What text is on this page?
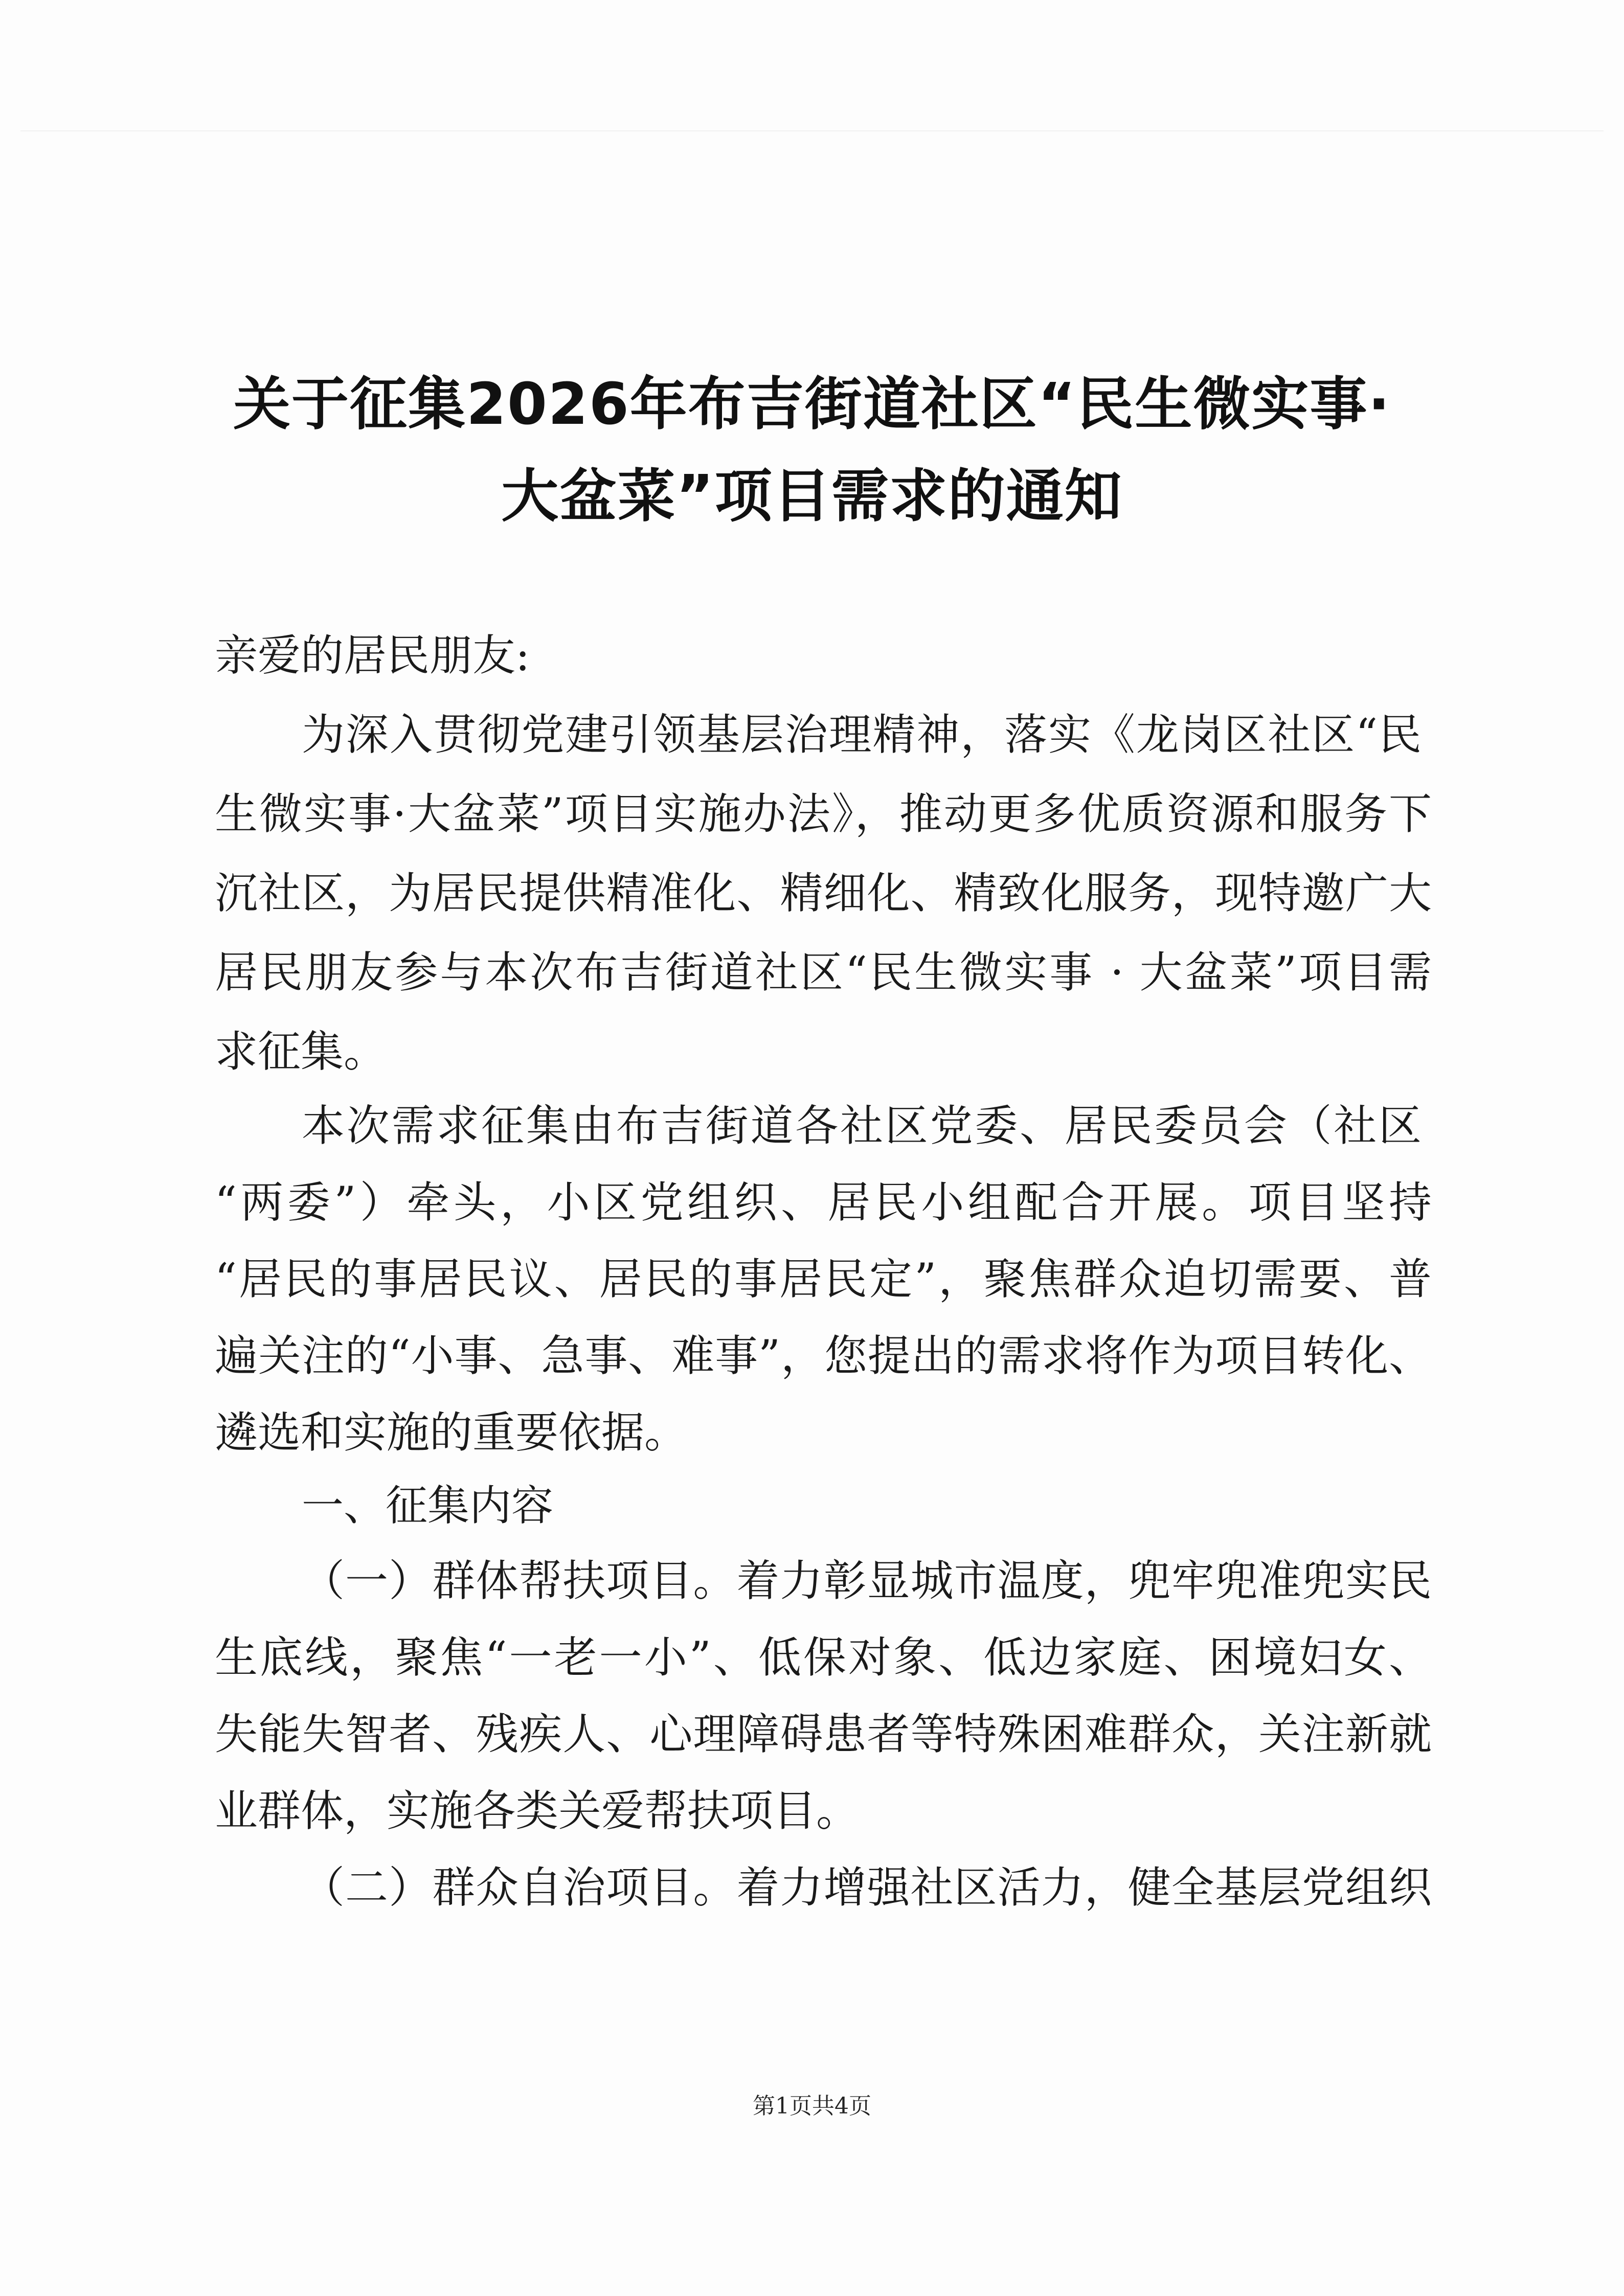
关于征集2026年布吉街道社区“民生微实事·
大盆菜”项目需求的通知
亲爱的居民朋友:
为深入贯彻党建引领基层治理精神，落实《龙岗区社区“民
生微实事·大盆菜”项目实施办法》，推动更多优质资源和服务下
沉社区，为居民提供精准化、精细化、精致化服务，现特邀广大
居民朋友参与本次布吉街道社区“民生微实事 · 大盆菜”项目需
求征集。
本次需求征集由布吉街道各社区党委、居民委员会（社区
“两委”）牵头，小区党组织、居民小组配合开展。项目坚持
“居民的事居民议、居民的事居民定”，聚焦群众迫切需要、普
遍关注的“小事、急事、难事”，您提出的需求将作为项目转化、
遴选和实施的重要依据。
一、征集内容
（一）群体帮扶项目。着力彰显城市温度，兜牢兜准兜实民
生底线，聚焦“一老一小”、低保对象、低边家庭、困境妇女、
失能失智者、残疾人、心理障碍患者等特殊困难群众，关注新就
业群体，实施各类关爱帮扶项目。
（二）群众自治项目。着力增强社区活力，健全基层党组织
第1页共4页
